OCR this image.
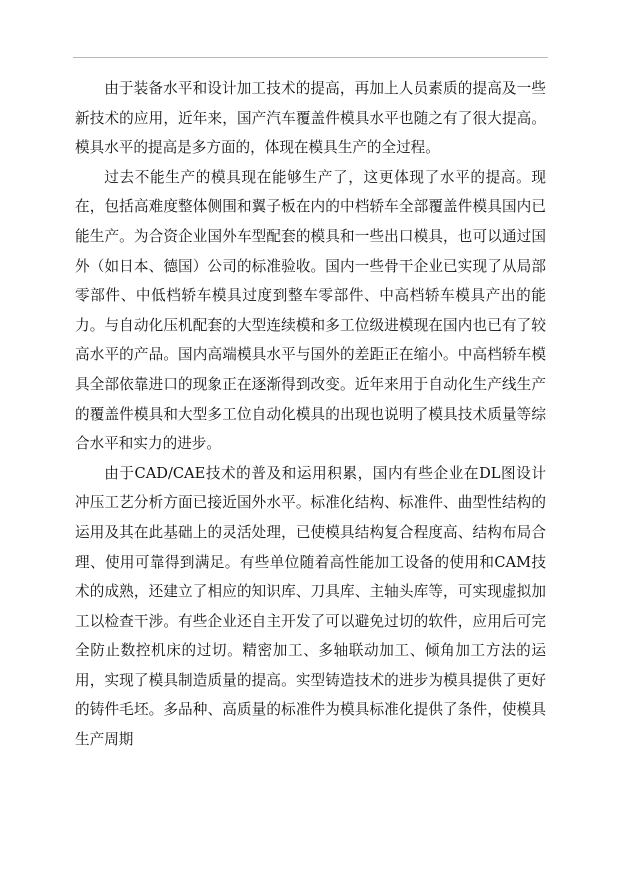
由于装备水平和设计加工技术的提高，再加上人员素质的提高及一些新技术的应用，近年来，国产汽车覆盖件模具水平也随之有了很大提高。模具水平的提高是多方面的，体现在模具生产的全过程。

过去不能生产的模具现在能够生产了，这更体现了水平的提高。现在，包括高难度整体侧围和翼子板在内的中档轿车全部覆盖件模具国内已能生产。为合资企业国外车型配套的模具和一些出口模具，也可以通过国外（如日本、德国）公司的标准验收。国内一些骨干企业已实现了从局部零部件、中低档轿车模具过度到整车零部件、中高档轿车模具产出的能力。与自动化压机配套的大型连续模和多工位级进模现在国内也已有了较高水平的产品。国内高端模具水平与国外的差距正在缩小。中高档轿车模具全部依靠进口的现象正在逐渐得到改变。近年来用于自动化生产线生产的覆盖件模具和大型多工位自动化模具的出现也说明了模具技术质量等综合水平和实力的进步。

由于CAD/CAE技术的普及和运用积累，国内有些企业在DL图设计冲压工艺分析方面已接近国外水平。标准化结构、标准件、曲型性结构的运用及其在此基础上的灵活处理，已使模具结构复合程度高、结构布局合理、使用可靠得到满足。有些单位随着高性能加工设备的使用和CAM技术的成熟，还建立了相应的知识库、刀具库、主轴头库等，可实现虚拟加工以检查干涉。有些企业还自主开发了可以避免过切的软件，应用后可完全防止数控机床的过切。精密加工、多轴联动加工、倾角加工方法的运用，实现了模具制造质量的提高。实型铸造技术的进步为模具提供了更好的铸件毛坯。多品种、高质量的标准件为模具标准化提供了条件，使模具生产周期
